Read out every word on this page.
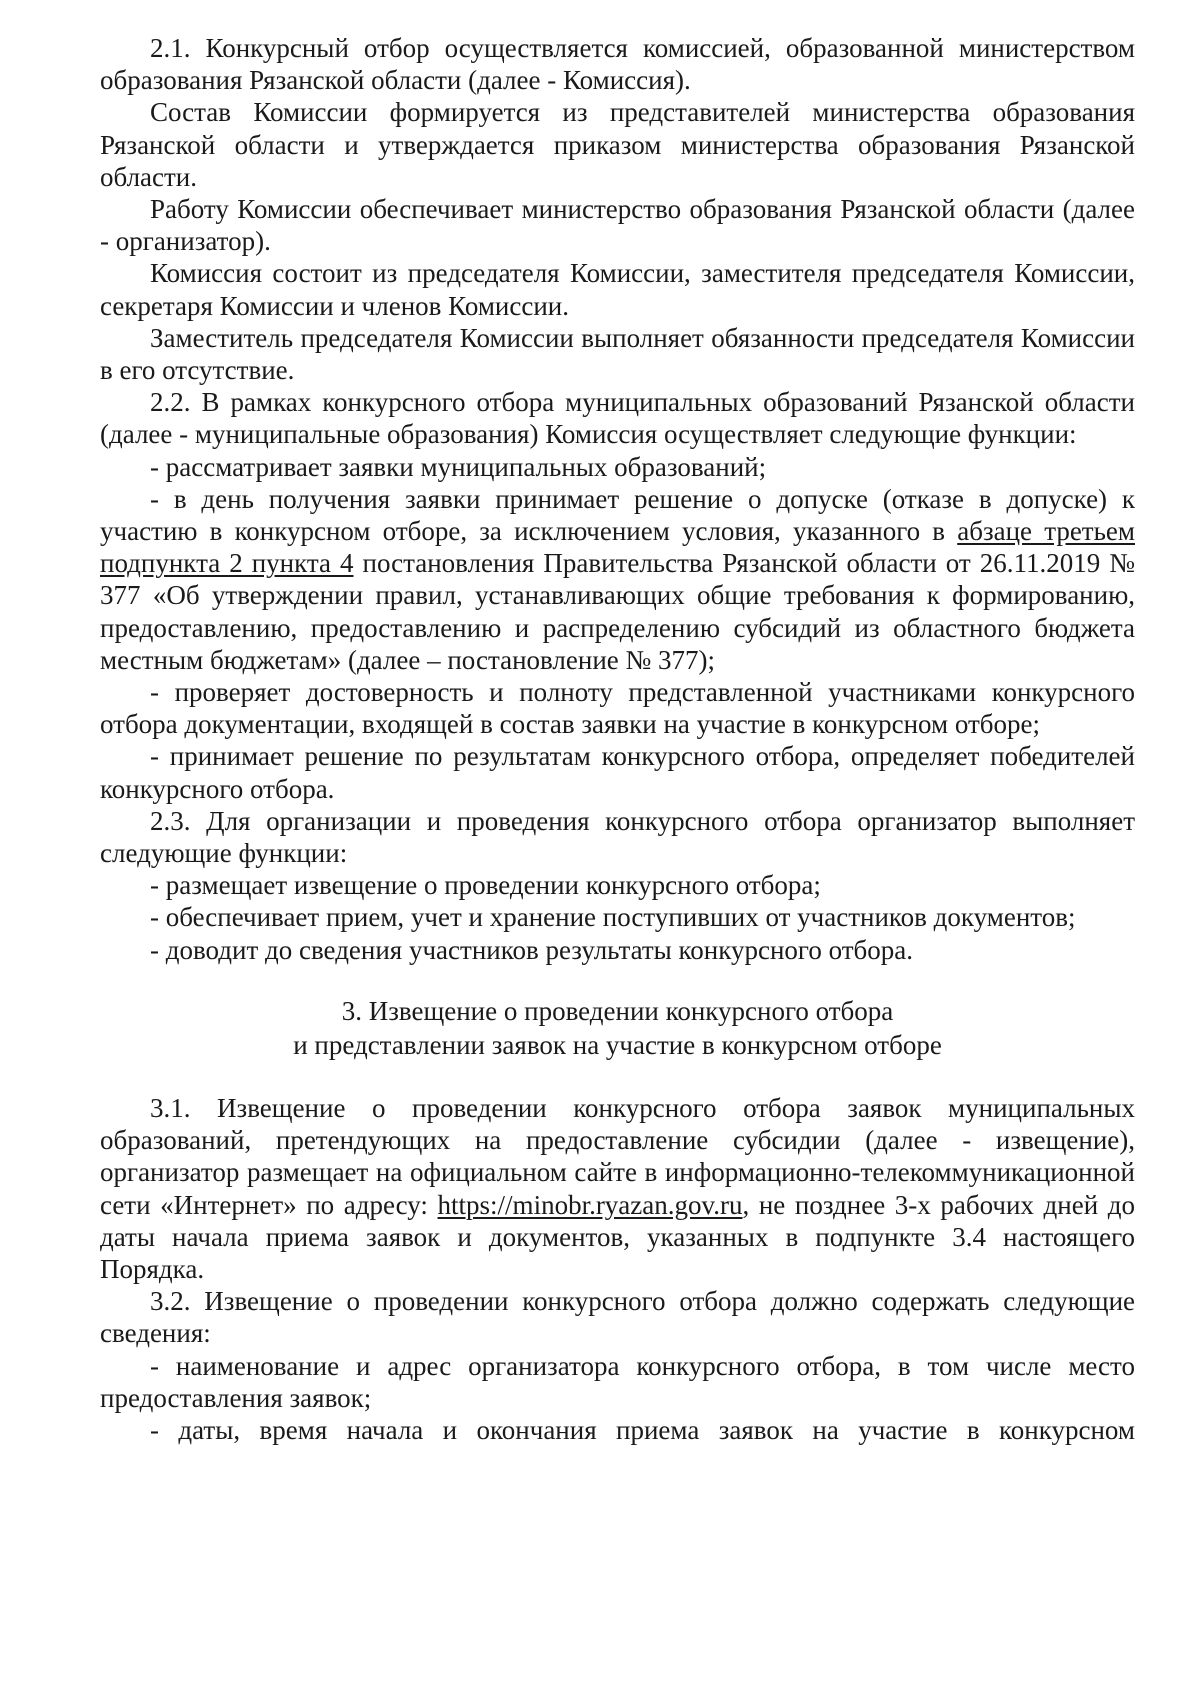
2.1. Конкурсный отбор осуществляется комиссией, образованной министерством образования Рязанской области (далее - Комиссия).

Состав Комиссии формируется из представителей министерства образования Рязанской области и утверждается приказом министерства образования Рязанской области.

Работу Комиссии обеспечивает министерство образования Рязанской области (далее - организатор).

Комиссия состоит из председателя Комиссии, заместителя председателя Комиссии, секретаря Комиссии и членов Комиссии.

Заместитель председателя Комиссии выполняет обязанности председателя Комиссии в его отсутствие.

2.2. В рамках конкурсного отбора муниципальных образований Рязанской области (далее - муниципальные образования) Комиссия осуществляет следующие функции:

- рассматривает заявки муниципальных образований;

- в день получения заявки принимает решение о допуске (отказе в допуске) к участию в конкурсном отборе, за исключением условия, указанного в абзаце третьем подпункта 2 пункта 4 постановления Правительства Рязанской области от 26.11.2019 № 377 «Об утверждении правил, устанавливающих общие требования к формированию, предоставлению, предоставлению и распределению субсидий из областного бюджета местным бюджетам» (далее – постановление № 377);

- проверяет достоверность и полноту представленной участниками конкурсного отбора документации, входящей в состав заявки на участие в конкурсном отборе;

- принимает решение по результатам конкурсного отбора, определяет победителей конкурсного отбора.

2.3. Для организации и проведения конкурсного отбора организатор выполняет следующие функции:

- размещает извещение о проведении конкурсного отбора;

- обеспечивает прием, учет и хранение поступивших от участников документов;

- доводит до сведения участников результаты конкурсного отбора.

3. Извещение о проведении конкурсного отбора
и представлении заявок на участие в конкурсном отборе

3.1. Извещение о проведении конкурсного отбора заявок муниципальных образований, претендующих на предоставление субсидии (далее - извещение), организатор размещает на официальном сайте в информационно-телекоммуникационной сети «Интернет» по адресу: https://minobr.ryazan.gov.ru, не позднее 3-х рабочих дней до даты начала приема заявок и документов, указанных в подпункте 3.4 настоящего Порядка.

3.2. Извещение о проведении конкурсного отбора должно содержать следующие сведения:

- наименование и адрес организатора конкурсного отбора, в том числе место предоставления заявок;

- даты, время начала и окончания приема заявок на участие в конкурсном
